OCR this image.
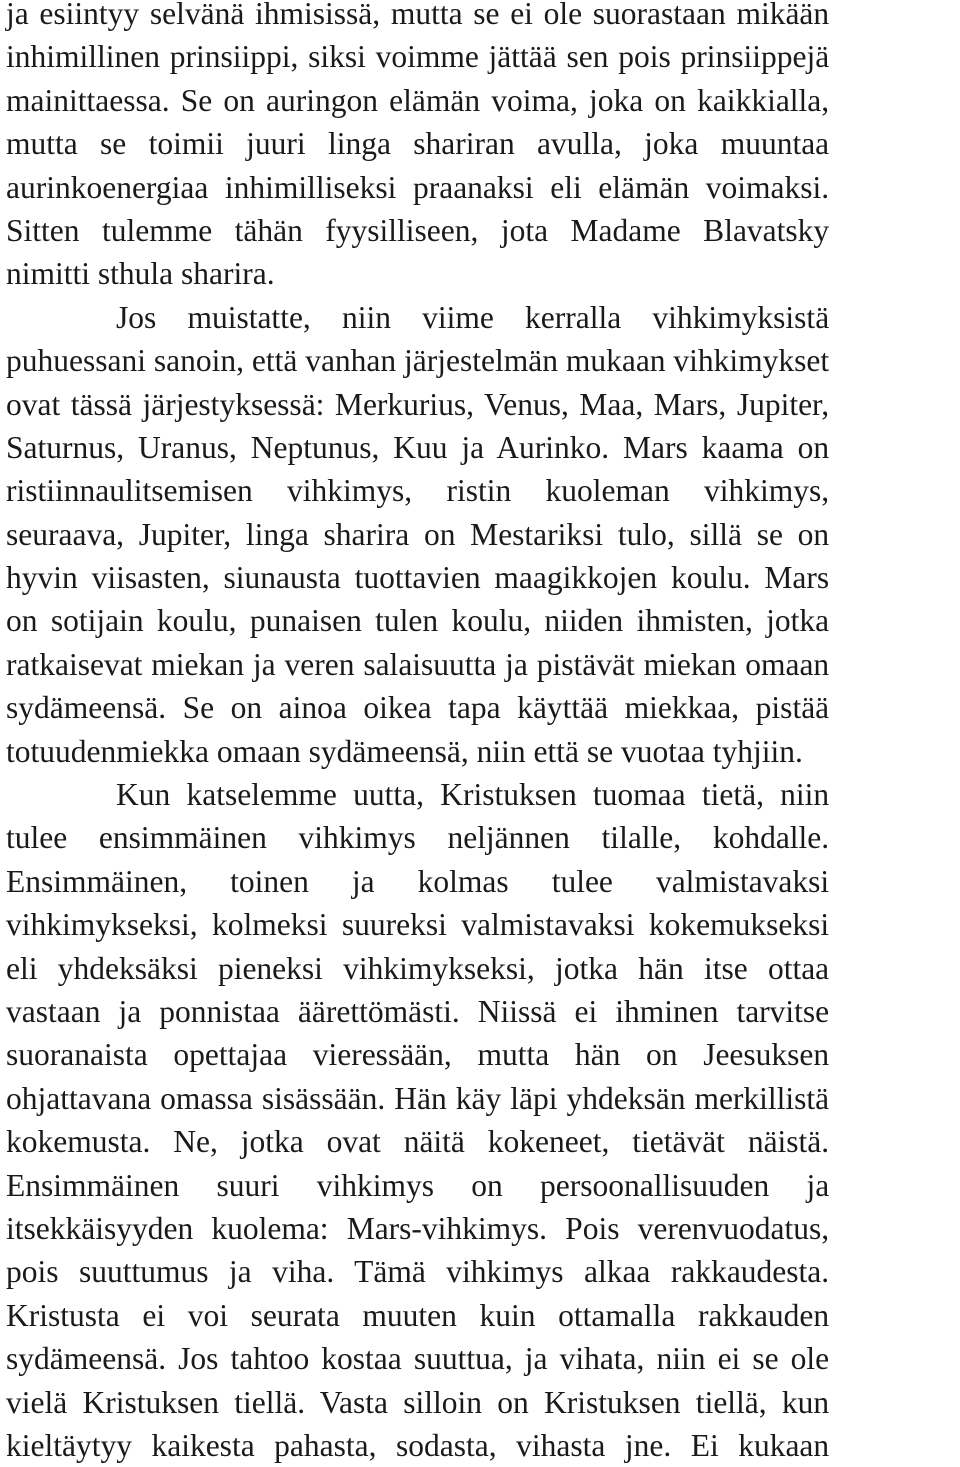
ja esiintyy selvänä ihmisissä, mutta se ei ole suorastaan mikään
inhimillinen prinsiippi, siksi voimme jättää sen pois prinsiippejä
mainittaessa. Se on auringon elämän voima, joka on kaikkialla,
mutta se toimii juuri linga shariran avulla, joka muuntaa
aurinkoenergiaa inhimilliseksi praanaksi eli elämän voimaksi.
Sitten tulemme tähän fyysilliseen, jota Madame Blavatsky
nimitti sthula sharira.
Jos muistatte, niin viime kerralla vihkimyksistä
puhuessani sanoin, että vanhan järjestelmän mukaan vihkimykset
ovat tässä järjestyksessä: Merkurius, Venus, Maa, Mars, Jupiter,
Saturnus, Uranus, Neptunus, Kuu ja Aurinko. Mars kaama on
ristiinnaulitsemisen vihkimys, ristin kuoleman vihkimys,
seuraava, Jupiter, linga sharira on Mestariksi tulo, sillä se on
hyvin viisasten, siunausta tuottavien maagikkojen koulu. Mars
on sotijain koulu, punaisen tulen koulu, niiden ihmisten, jotka
ratkaisevat miekan ja veren salaisuutta ja pistävät miekan omaan
sydämeensä. Se on ainoa oikea tapa käyttää miekkaa, pistää
totuudenmiekka omaan sydämeensä, niin että se vuotaa tyhjiin.
Kun katselemme uutta, Kristuksen tuomaa tietä, niin
tulee ensimmäinen vihkimys neljännen tilalle, kohdalle.
Ensimmäinen, toinen ja kolmas tulee valmistavaksi
vihkimykseksi, kolmeksi suureksi valmistavaksi kokemukseksi
eli yhdeksäksi pieneksi vihkimykseksi, jotka hän itse ottaa
vastaan ja ponnistaa äärettömästi. Niissä ei ihminen tarvitse
suoranaista opettajaa vieressään, mutta hän on Jeesuksen
ohjattavana omassa sisässään. Hän käy läpi yhdeksän merkillistä
kokemusta. Ne, jotka ovat näitä kokeneet, tietävät näistä.
Ensimmäinen suuri vihkimys on persoonallisuuden ja
itsekkäisyyden kuolema: Mars-vihkimys. Pois verenvuodatus,
pois suuttumus ja viha. Tämä vihkimys alkaa rakkaudesta.
Kristusta ei voi seurata muuten kuin ottamalla rakkauden
sydämeensä. Jos tahtoo kostaa suuttua, ja vihata, niin ei se ole
vielä Kristuksen tiellä. Vasta silloin on Kristuksen tiellä, kun
kieltäytyy kaikesta pahasta, sodasta, vihasta jne. Ei kukaan
